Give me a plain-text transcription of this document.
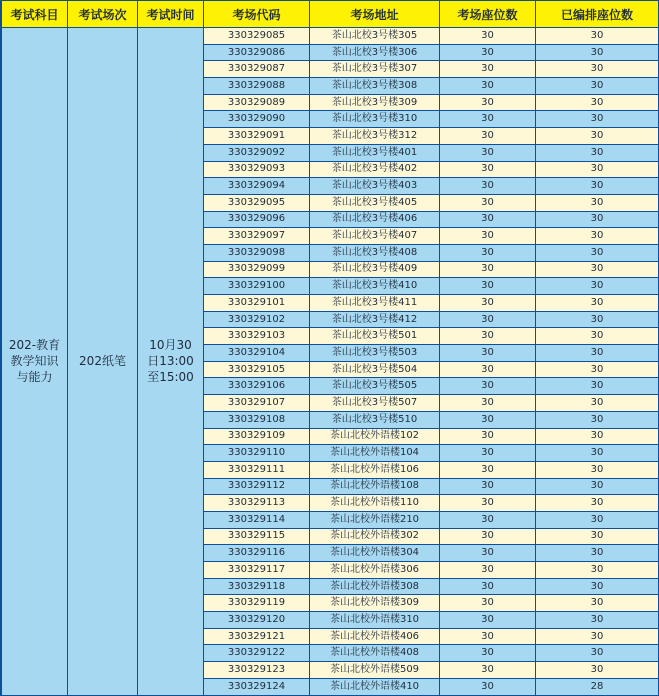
考试科目	考试场次	考试时间	考场代码	考场地址	考场座位数	已编排座位数
202-教育教学知识与能力	202纸笔	10月30日13:00至15:00	330329085	茶山北校3号楼305	30	30
			330329086	茶山北校3号楼306	30	30
			330329087	茶山北校3号楼307	30	30
			330329088	茶山北校3号楼308	30	30
			330329089	茶山北校3号楼309	30	30
			330329090	茶山北校3号楼310	30	30
			330329091	茶山北校3号楼312	30	30
			330329092	茶山北校3号楼401	30	30
			330329093	茶山北校3号楼402	30	30
			330329094	茶山北校3号楼403	30	30
			330329095	茶山北校3号楼405	30	30
			330329096	茶山北校3号楼406	30	30
			330329097	茶山北校3号楼407	30	30
			330329098	茶山北校3号楼408	30	30
			330329099	茶山北校3号楼409	30	30
			330329100	茶山北校3号楼410	30	30
			330329101	茶山北校3号楼411	30	30
			330329102	茶山北校3号楼412	30	30
			330329103	茶山北校3号楼501	30	30
			330329104	茶山北校3号楼503	30	30
			330329105	茶山北校3号楼504	30	30
			330329106	茶山北校3号楼505	30	30
			330329107	茶山北校3号楼507	30	30
			330329108	茶山北校3号楼510	30	30
			330329109	茶山北校外语楼102	30	30
			330329110	茶山北校外语楼104	30	30
			330329111	茶山北校外语楼106	30	30
			330329112	茶山北校外语楼108	30	30
			330329113	茶山北校外语楼110	30	30
			330329114	茶山北校外语楼210	30	30
			330329115	茶山北校外语楼302	30	30
			330329116	茶山北校外语楼304	30	30
			330329117	茶山北校外语楼306	30	30
			330329118	茶山北校外语楼308	30	30
			330329119	茶山北校外语楼309	30	30
			330329120	茶山北校外语楼310	30	30
			330329121	茶山北校外语楼406	30	30
			330329122	茶山北校外语楼408	30	30
			330329123	茶山北校外语楼509	30	30
			330329124	茶山北校外语楼410	30	28
